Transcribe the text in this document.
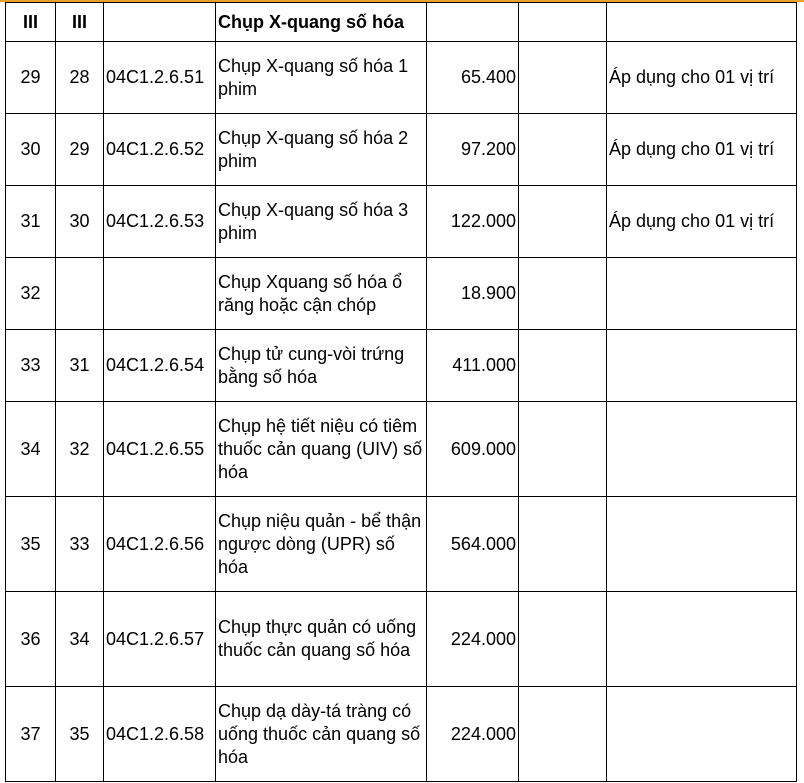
III	III		Chụp X-quang số hóa			
29	28	04C1.2.6.51	Chụp X-quang số hóa 1 phim	65.400		Áp dụng cho 01 vị trí
30	29	04C1.2.6.52	Chụp X-quang số hóa 2 phim	97.200		Áp dụng cho 01 vị trí
31	30	04C1.2.6.53	Chụp X-quang số hóa 3 phim	122.000		Áp dụng cho 01 vị trí
32			Chụp Xquang số hóa ổ răng hoặc cận chóp	18.900		
33	31	04C1.2.6.54	Chụp tử cung-vòi trứng bằng số hóa	411.000		
34	32	04C1.2.6.55	Chụp hệ tiết niệu có tiêm thuốc cản quang (UIV) số hóa	609.000		
35	33	04C1.2.6.56	Chụp niệu quản - bể thận ngược dòng (UPR) số hóa	564.000		
36	34	04C1.2.6.57	Chụp thực quản có uống thuốc cản quang số hóa	224.000		
37	35	04C1.2.6.58	Chụp dạ dày-tá tràng có uống thuốc cản quang số hóa	224.000		
